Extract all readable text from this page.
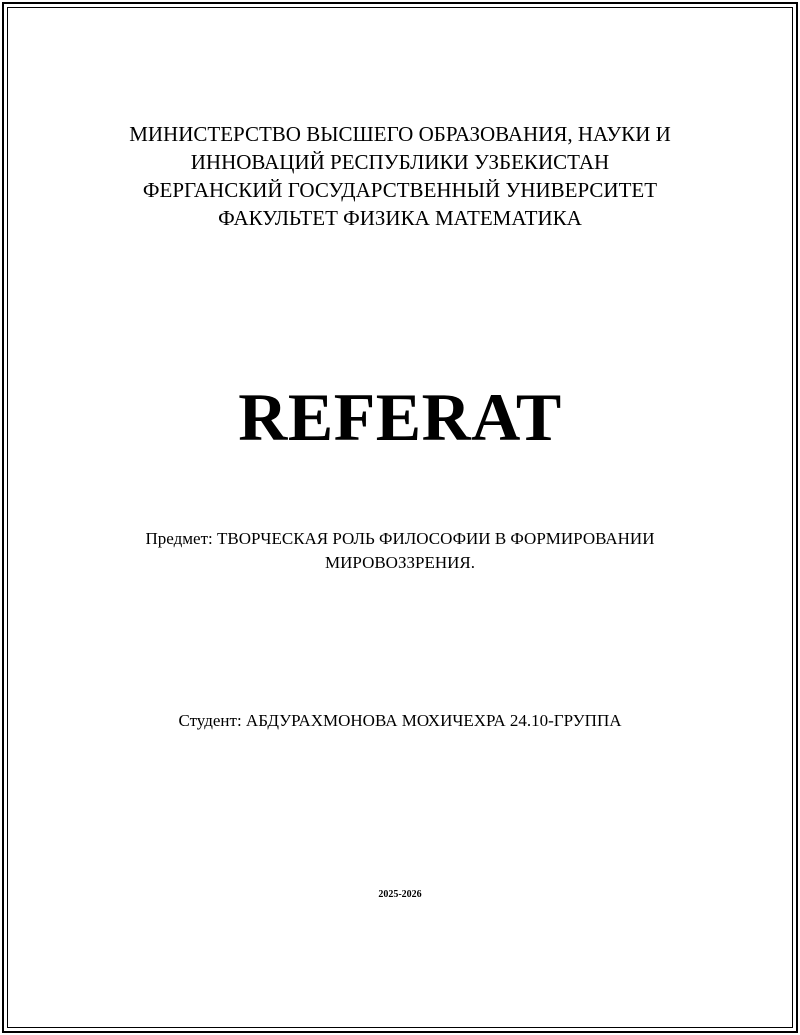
МИНИСТЕРСТВО ВЫСШЕГО ОБРАЗОВАНИЯ, НАУКИ И
ИННОВАЦИЙ РЕСПУБЛИКИ УЗБЕКИСТАН
ФЕРГАНСКИЙ ГОСУДАРСТВЕННЫЙ УНИВЕРСИТЕТ
ФАКУЛЬТЕТ ФИЗИКА МАТЕМАТИКА
REFERAT
Предмет: ТВОРЧЕСКАЯ РОЛЬ ФИЛОСОФИИ В ФОРМИРОВАНИИ
МИРОВОЗЗРЕНИЯ.
Студент: АБДУРАХМОНОВА МОХИЧЕХРА 24.10-ГРУППА
2025-2026
